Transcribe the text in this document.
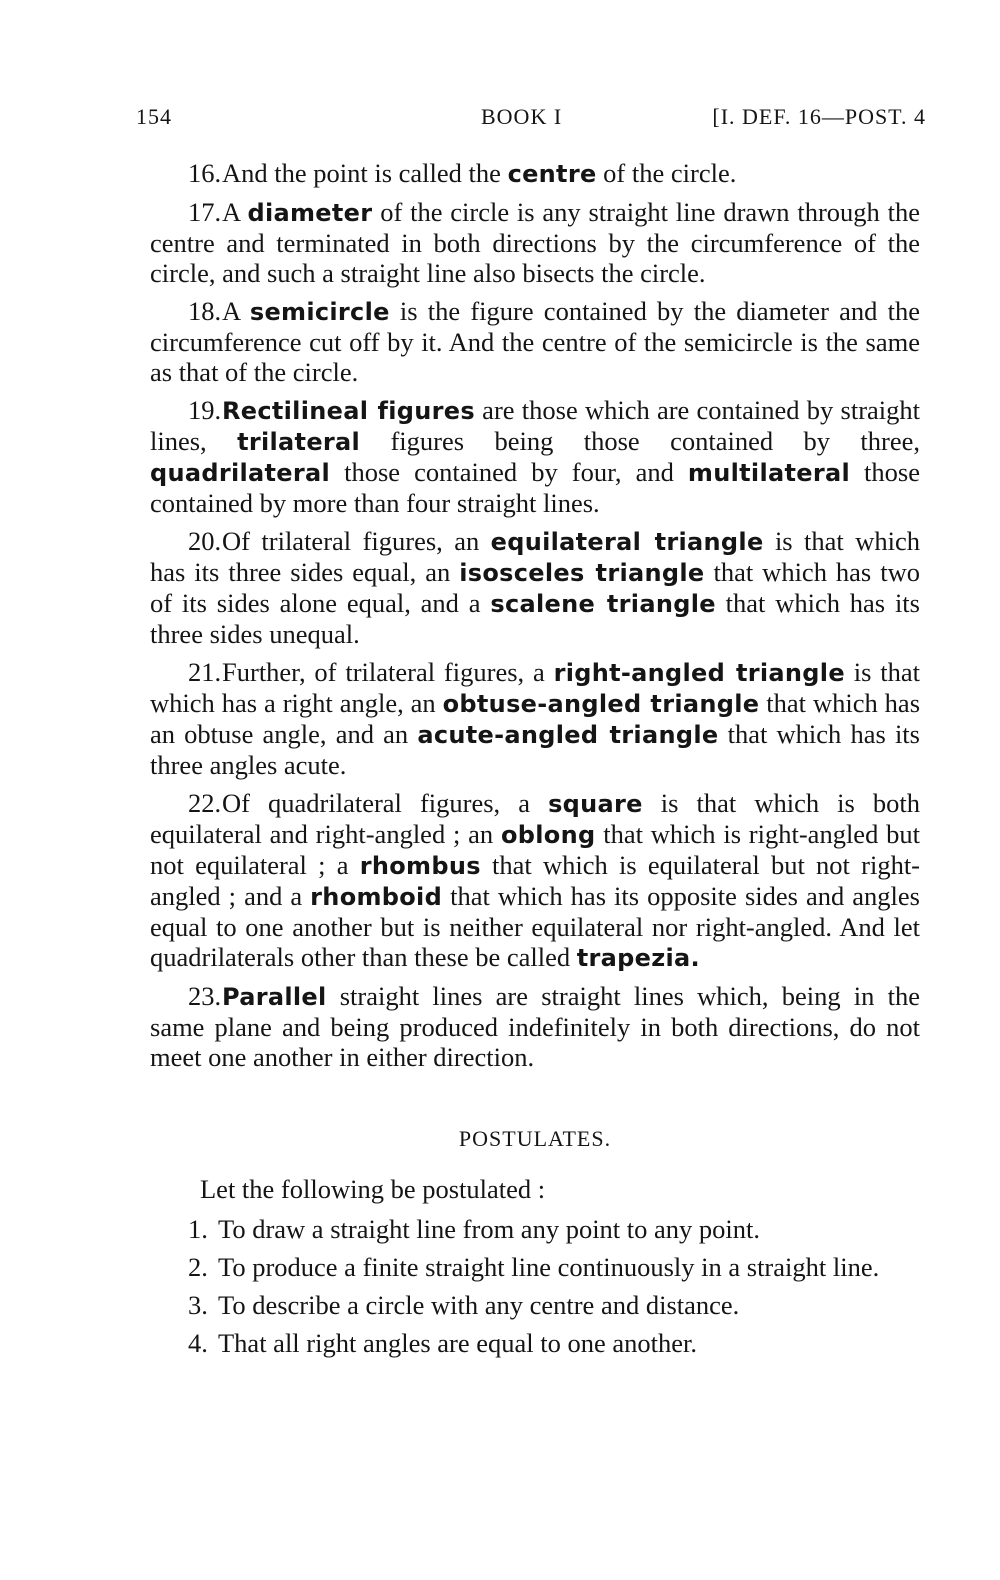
154	BOOK I	[I. DEF. 16—POST. 4

16.And the point is called the centre of the circle.

17.A diameter of the circle is any straight line drawn through the centre and terminated in both directions by the circumference of the circle, and such a straight line also bisects the circle.

18.A semicircle is the figure contained by the diameter and the circumference cut off by it. And the centre of the semicircle is the same as that of the circle.

19.Rectilineal figures are those which are contained by straight lines, trilateral figures being those contained by three, quadrilateral those contained by four, and multilateral those contained by more than four straight lines.

20.Of trilateral figures, an equilateral triangle is that which has its three sides equal, an isosceles triangle that which has two of its sides alone equal, and a scalene triangle that which has its three sides unequal.

21.Further, of trilateral figures, a right-angled triangle is that which has a right angle, an obtuse-angled triangle that which has an obtuse angle, and an acute-angled triangle that which has its three angles acute.

22.Of quadrilateral figures, a square is that which is both equilateral and right-angled ; an oblong that which is right-angled but not equilateral ; a rhombus that which is equilateral but not right-angled ; and a rhomboid that which has its opposite sides and angles equal to one another but is neither equilateral nor right-angled. And let quadrilaterals other than these be called trapezia.

23.Parallel straight lines are straight lines which, being in the same plane and being produced indefinitely in both directions, do not meet one another in either direction.

POSTULATES.

Let the following be postulated :

1. To draw a straight line from any point to any point.

2. To produce a finite straight line continuously in a straight line.

3. To describe a circle with any centre and distance.

4. That all right angles are equal to one another.
